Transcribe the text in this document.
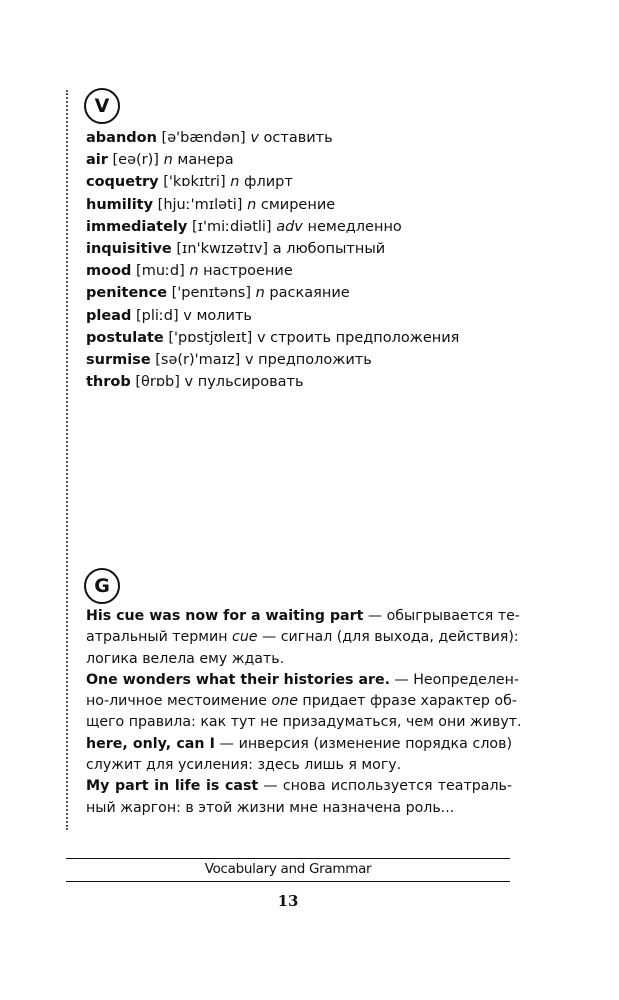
V
abandon [ə'bændən] v оставить
air [eə(r)] n манера
coquetry ['kɒkɪtri] n флирт
humility [hjuː'mɪləti] n смирение
immediately [ɪ'miːdiətli] adv немедленно
inquisitive [ɪn'kwɪzətɪv] a любопытный
mood [muːd] n настроение
penitence ['penɪtəns] n раскаяние
plead [pliːd] v молить
postulate ['pɒstjʊleɪt] v строить предположения
surmise [sə(r)'maɪz] v предположить
throb [θrɒb] v пульсировать
G

His cue was now for a waiting part — обыгрывается те-
атральный термин cue — сигнал (для выхода, действия):
логика велела ему ждать.

One wonders what their histories are. — Неопределен-
но-личное местоимение one придает фразе характер об-
щего правила: как тут не призадуматься, чем они живут.

here, only, can I — инверсия (изменение порядка слов)
служит для усиления: здесь лишь я могу.

My part in life is cast — снова используется театраль-
ный жаргон: в этой жизни мне назначена роль...

Vocabulary and Grammar
13
